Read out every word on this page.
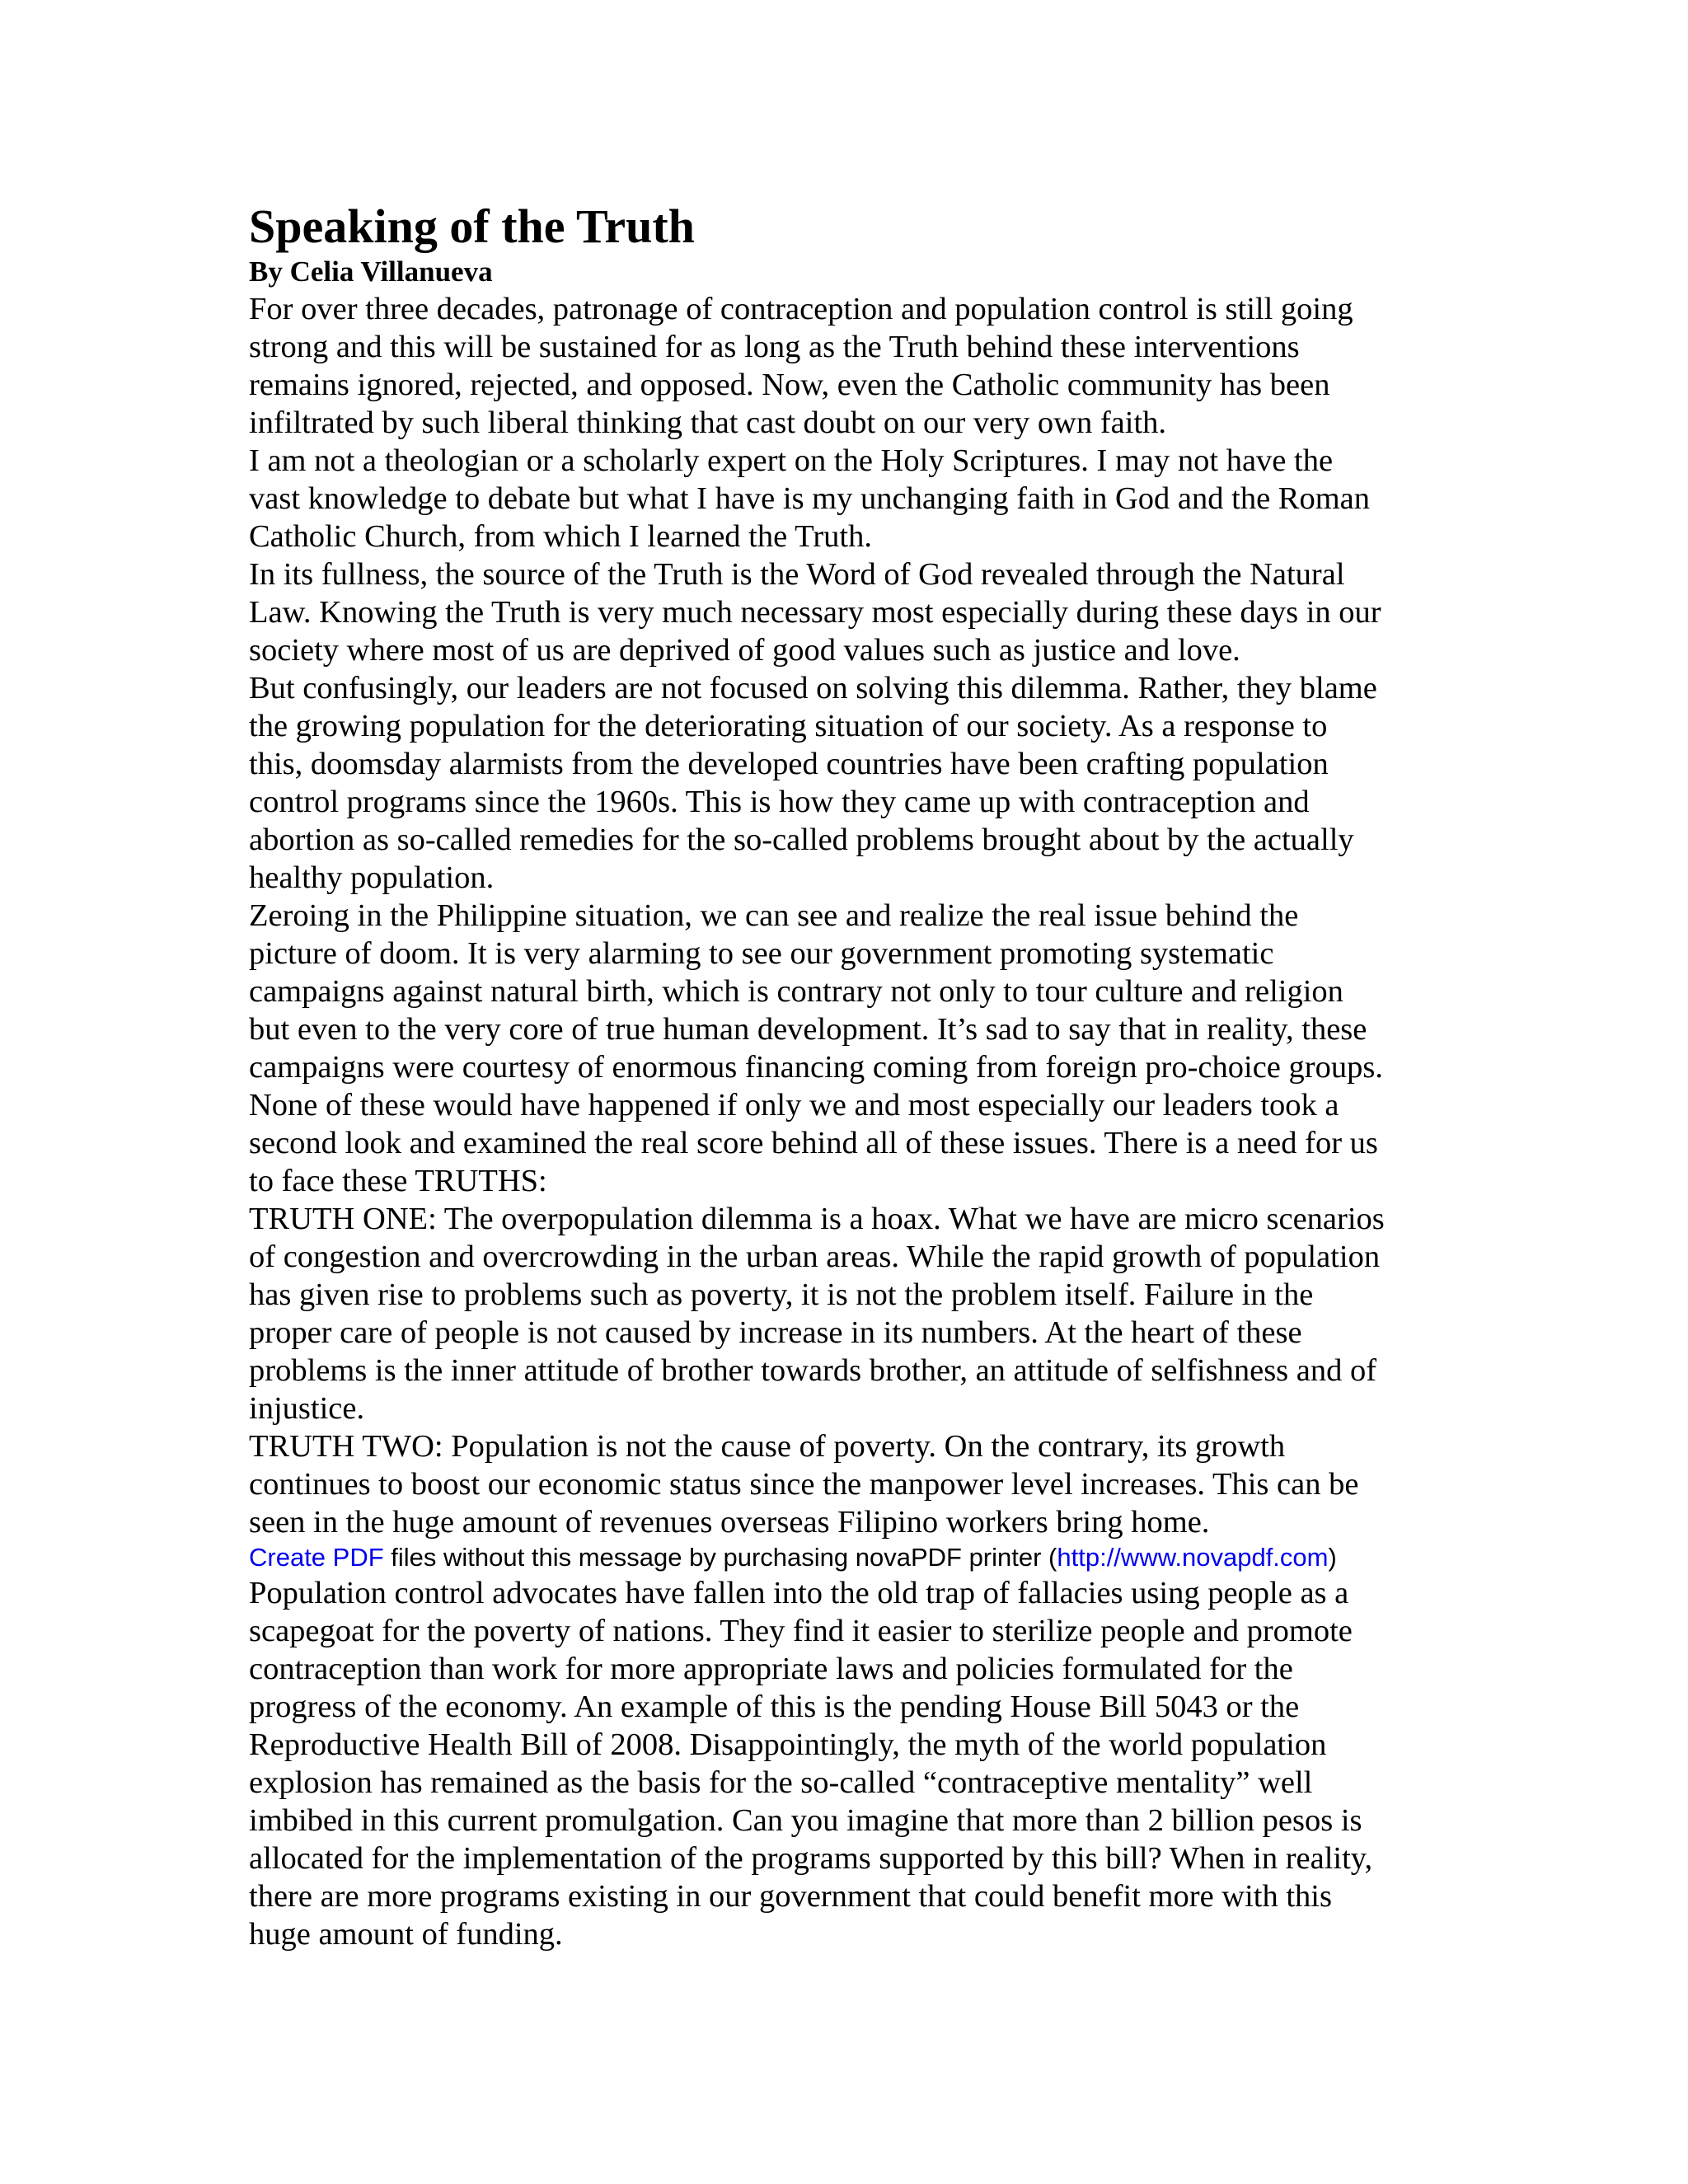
Speaking of the Truth
By Celia Villanueva
For over three decades, patronage of contraception and population control is still going
strong and this will be sustained for as long as the Truth behind these interventions
remains ignored, rejected, and opposed. Now, even the Catholic community has been
infiltrated by such liberal thinking that cast doubt on our very own faith.
I am not a theologian or a scholarly expert on the Holy Scriptures. I may not have the
vast knowledge to debate but what I have is my unchanging faith in God and the Roman
Catholic Church, from which I learned the Truth.
In its fullness, the source of the Truth is the Word of God revealed through the Natural
Law. Knowing the Truth is very much necessary most especially during these days in our
society where most of us are deprived of good values such as justice and love.
But confusingly, our leaders are not focused on solving this dilemma. Rather, they blame
the growing population for the deteriorating situation of our society. As a response to
this, doomsday alarmists from the developed countries have been crafting population
control programs since the 1960s. This is how they came up with contraception and
abortion as so-called remedies for the so-called problems brought about by the actually
healthy population.
Zeroing in the Philippine situation, we can see and realize the real issue behind the
picture of doom. It is very alarming to see our government promoting systematic
campaigns against natural birth, which is contrary not only to tour culture and religion
but even to the very core of true human development. It’s sad to say that in reality, these
campaigns were courtesy of enormous financing coming from foreign pro-choice groups.
None of these would have happened if only we and most especially our leaders took a
second look and examined the real score behind all of these issues. There is a need for us
to face these TRUTHS:
TRUTH ONE: The overpopulation dilemma is a hoax. What we have are micro scenarios
of congestion and overcrowding in the urban areas. While the rapid growth of population
has given rise to problems such as poverty, it is not the problem itself. Failure in the
proper care of people is not caused by increase in its numbers. At the heart of these
problems is the inner attitude of brother towards brother, an attitude of selfishness and of
injustice.
TRUTH TWO: Population is not the cause of poverty. On the contrary, its growth
continues to boost our economic status since the manpower level increases. This can be
seen in the huge amount of revenues overseas Filipino workers bring home.
Create PDF files without this message by purchasing novaPDF printer (http://www.novapdf.com)
Population control advocates have fallen into the old trap of fallacies using people as a
scapegoat for the poverty of nations. They find it easier to sterilize people and promote
contraception than work for more appropriate laws and policies formulated for the
progress of the economy. An example of this is the pending House Bill 5043 or the
Reproductive Health Bill of 2008. Disappointingly, the myth of the world population
explosion has remained as the basis for the so-called “contraceptive mentality” well
imbibed in this current promulgation. Can you imagine that more than 2 billion pesos is
allocated for the implementation of the programs supported by this bill? When in reality,
there are more programs existing in our government that could benefit more with this
huge amount of funding.
